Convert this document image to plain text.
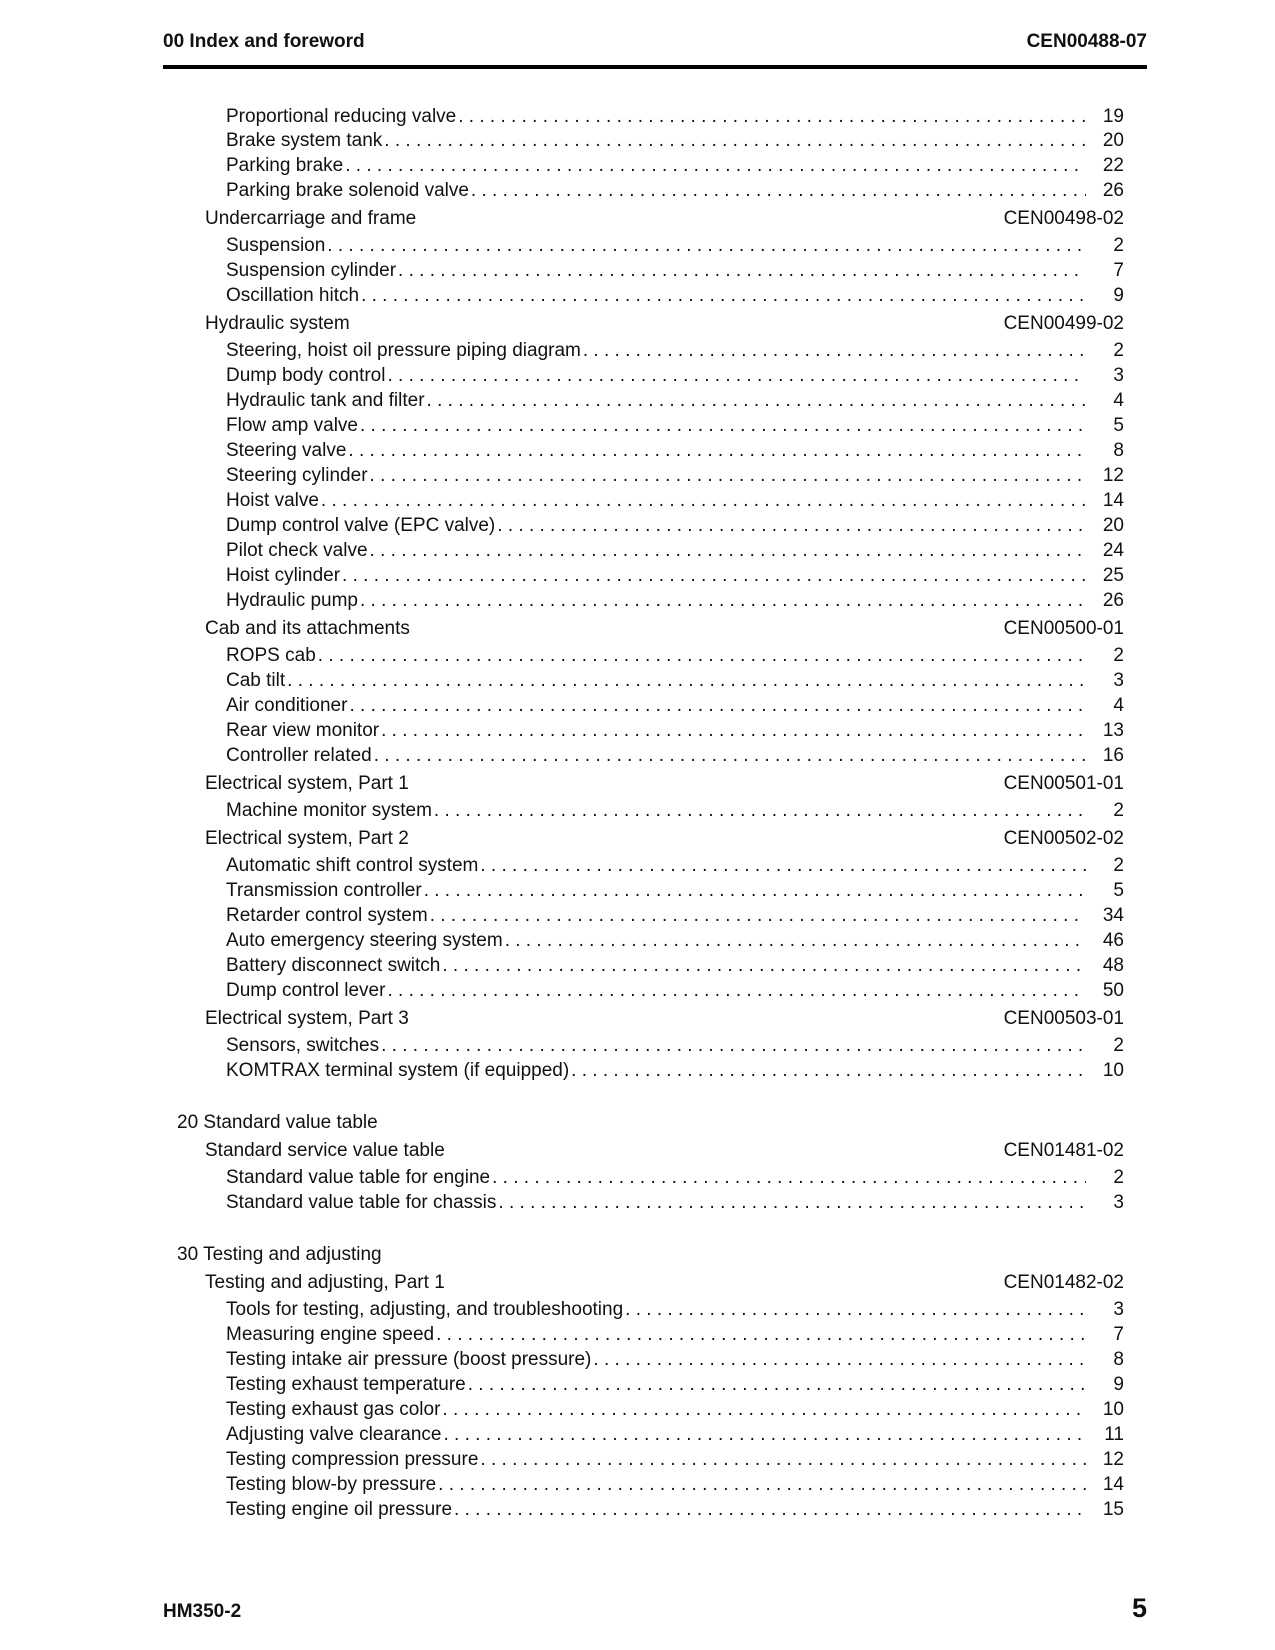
00 Index and foreword	CEN00488-07
Proportional reducing valve . . .	19
Brake system tank . . .	20
Parking brake . . .	22
Parking brake solenoid valve . . .	26
Undercarriage and frame	CEN00498-02
Suspension . . .	2
Suspension cylinder . . .	7
Oscillation hitch . . .	9
Hydraulic system	CEN00499-02
Steering, hoist oil pressure piping diagram . . .	2
Dump body control . . .	3
Hydraulic tank and filter . . .	4
Flow amp valve . . .	5
Steering valve . . .	8
Steering cylinder . . .	12
Hoist valve . . .	14
Dump control valve (EPC valve) . . .	20
Pilot check valve . . .	24
Hoist cylinder . . .	25
Hydraulic pump . . .	26
Cab and its attachments	CEN00500-01
ROPS cab . . .	2
Cab tilt . . .	3
Air conditioner . . .	4
Rear view monitor . . .	13
Controller related . . .	16
Electrical system, Part 1	CEN00501-01
Machine monitor system . . .	2
Electrical system, Part 2	CEN00502-02
Automatic shift control system . . .	2
Transmission controller . . .	5
Retarder control system . . .	34
Auto emergency steering system . . .	46
Battery disconnect switch . . .	48
Dump control lever . . .	50
Electrical system, Part 3	CEN00503-01
Sensors, switches . . .	2
KOMTRAX terminal system (if equipped) . . .	10
20 Standard value table
Standard service value table	CEN01481-02
Standard value table for engine . . .	2
Standard value table for chassis . . .	3
30 Testing and adjusting
Testing and adjusting, Part 1	CEN01482-02
Tools for testing, adjusting, and troubleshooting . . .	3
Measuring engine speed . . .	7
Testing intake air pressure (boost pressure) . . .	8
Testing exhaust temperature . . .	9
Testing exhaust gas color . . .	10
Adjusting valve clearance . . .	11
Testing compression pressure . . .	12
Testing blow-by pressure . . .	14
Testing engine oil pressure . . .	15
HM350-2	5
